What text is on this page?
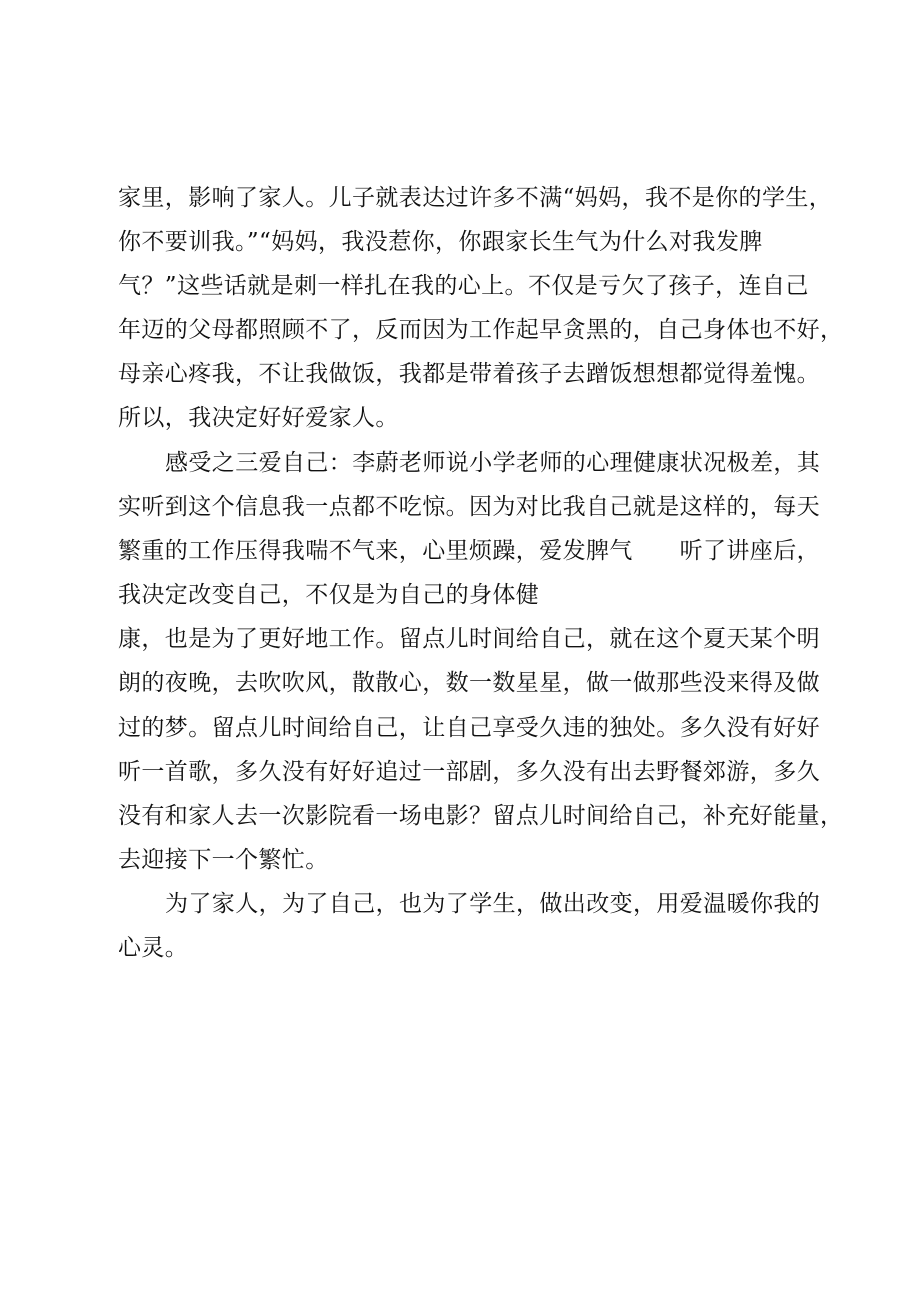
家里，影响了家人。儿子就表达过许多不满“妈妈，我不是你的学生，

你不要训我。”“妈妈，我没惹你，你跟家长生气为什么对我发脾

气？”这些话就是刺一样扎在我的心上。不仅是亏欠了孩子，连自己

年迈的父母都照顾不了，反而因为工作起早贪黑的，自己身体也不好，

母亲心疼我，不让我做饭，我都是带着孩子去蹭饭想想都觉得羞愧。

所以，我决定好好爱家人。

感受之三爱自己：李蔚老师说小学老师的心理健康状况极差，其

实听到这个信息我一点都不吃惊。因为对比我自己就是这样的，每天

繁重的工作压得我喘不气来，心里烦躁，爱发脾气　　听了讲座后，

我决定改变自己，不仅是为自己的身体健

康，也是为了更好地工作。留点儿时间给自己，就在这个夏天某个明

朗的夜晚，去吹吹风，散散心，数一数星星，做一做那些没来得及做

过的梦。留点儿时间给自己，让自己享受久违的独处。多久没有好好

听一首歌，多久没有好好追过一部剧，多久没有出去野餐郊游，多久

没有和家人去一次影院看一场电影？留点儿时间给自己，补充好能量，

去迎接下一个繁忙。

为了家人，为了自己，也为了学生，做出改变，用爱温暖你我的

心灵。
